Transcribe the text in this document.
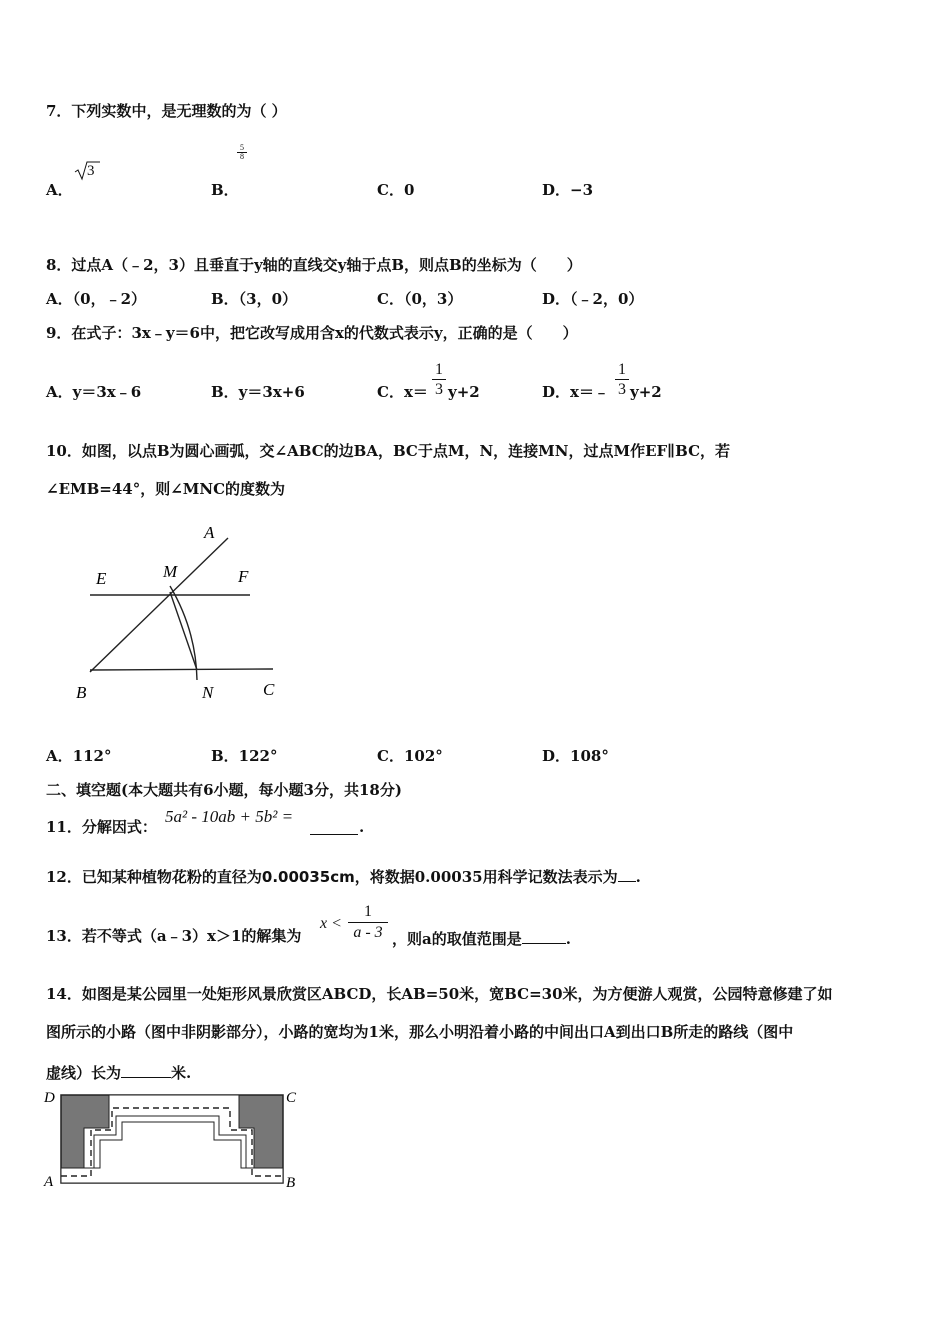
7．下列实数中，是无理数的为（ ）
A．
3
B．
$\frac{5}{8}$
C．0	D．−3
8．过点A（﹣2，3）且垂直于y轴的直线交y轴于点B，则点B的坐标为（　　）
A．（0，﹣2）	B．（3，0）	C．（0，3）	D．（﹣2，0）
9．在式子：3x﹣y＝6中，把它改写成用含x的代数式表示y，正确的是（　　）
A．y＝3x﹣6	B．y＝3x+6	C．$x= \frac{1}{3} y+2$	D．x＝﹣ $\frac{1}{3} y+2$
10．如图，以点B为圆心画弧，交∠ABC的边BA，BC于点M，N，连接MN，过点M作EF∥BC，若
∠EMB=44°，则∠MNC的度数为
A
E	M	F
B	N	C
A．112°	B．122°	C．102°	D．108°
二、填空题(本大题共有6小题，每小题3分，共18分)
11．分解因式：
5a² - 10ab + 5b² =
.
12．已知某种植物花粉的直径为0.00035cm，将数据0.00035用科学记数法表示为 .
13．若不等式（a﹣3）x＞1的解集为
$x < \frac{1}{a - 3}$ ，则a的取值范围是	.
14．如图是某公园里一处矩形风景欣赏区ABCD，长AB=50米，宽BC=30米，为方便游人观赏，公园特意修建了如
图所示的小路（图中非阴影部分），小路的宽均为1米，那么小明沿着小路的中间出口A到出口B所走的路线（图中
虚线）长为	米.
D	C
A	B
